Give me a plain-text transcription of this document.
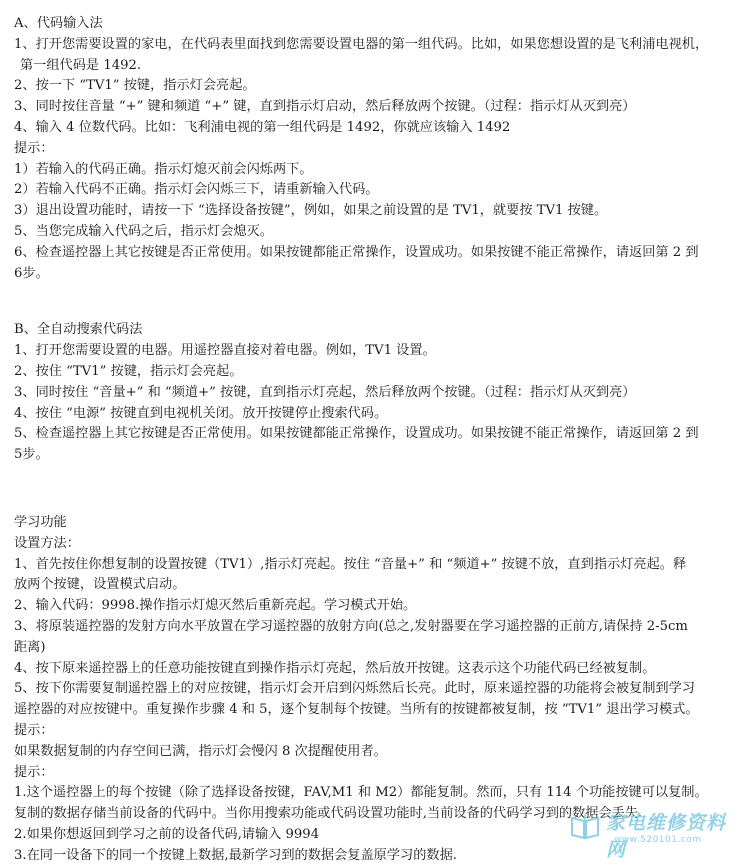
A、代码输入法
1、打开您需要设置的家电，在代码表里面找到您需要设置电器的第一组代码。比如，如果您想设置的是飞利浦电视机，
第一组代码是 1492.
2、按一下 “TV1” 按键，指示灯会亮起。
3、同时按住音量 “+” 键和频道 “+” 键，直到指示灯启动，然后释放两个按键。（过程：指示灯从灭到亮）
4、输入 4 位数代码。比如：飞利浦电视的第一组代码是 1492，你就应该输入 1492
提示：
1）若输入的代码正确。指示灯熄灭前会闪烁两下。
2）若输入代码不正确。指示灯会闪烁三下，请重新输入代码。
3）退出设置功能时，请按一下 “选择设备按键”，例如，如果之前设置的是 TV1，就要按 TV1 按键。
5、当您完成输入代码之后，指示灯会熄灭。
6、检查遥控器上其它按键是否正常使用。如果按键都能正常操作，设置成功。如果按键不能正常操作，请返回第 2 到
6步。
B、全自动搜索代码法
1、打开您需要设置的电器。用遥控器直接对着电器。例如，TV1 设置。
2、按住 “TV1” 按键，指示灯会亮起。
3、同时按住 “音量+” 和 “频道+” 按键，直到指示灯亮起，然后释放两个按键。（过程：指示灯从灭到亮）
4、按住 “电源” 按键直到电视机关闭。放开按键停止搜索代码。
5、检查遥控器上其它按键是否正常使用。如果按键都能正常操作，设置成功。如果按键不能正常操作，请返回第 2 到
5步。
学习功能
设置方法：
1、首先按住你想复制的设置按键（TV1）,指示灯亮起。按住 “音量+” 和 “频道+” 按键不放，直到指示灯亮起。释
放两个按键，设置模式启动。
2、输入代码：9998.操作指示灯熄灭然后重新亮起。学习模式开始。
3、将原装遥控器的发射方向水平放置在学习遥控器的放射方向(总之,发射器要在学习遥控器的正前方,请保持 2-5cm
距离)
4、按下原来遥控器上的任意功能按键直到操作指示灯亮起，然后放开按键。这表示这个功能代码已经被复制。
5、按下你需要复制遥控器上的对应按键，指示灯会开启到闪烁然后长亮。此时，原来遥控器的功能将会被复制到学习
遥控器的对应按键中。重复操作步骤 4 和 5，逐个复制每个按键。当所有的按键都被复制，按 “TV1” 退出学习模式。
提示：
如果数据复制的内存空间已满，指示灯会慢闪 8 次提醒使用者。
提示：
1.这个遥控器上的每个按键（除了选择设备按键，FAV,M1 和 M2）都能复制。然而，只有 114 个功能按键可以复制。
复制的数据存储当前设备的代码中。当你用搜索功能或代码设置功能时,当前设备的代码学习到的数据会丢失.
2.如果你想返回到学习之前的设备代码,请输入 9994
3.在同一设备下的同一个按键上数据,最新学习到的数据会复盖原学习的数据.
家电维修资料网
www.520101.com
